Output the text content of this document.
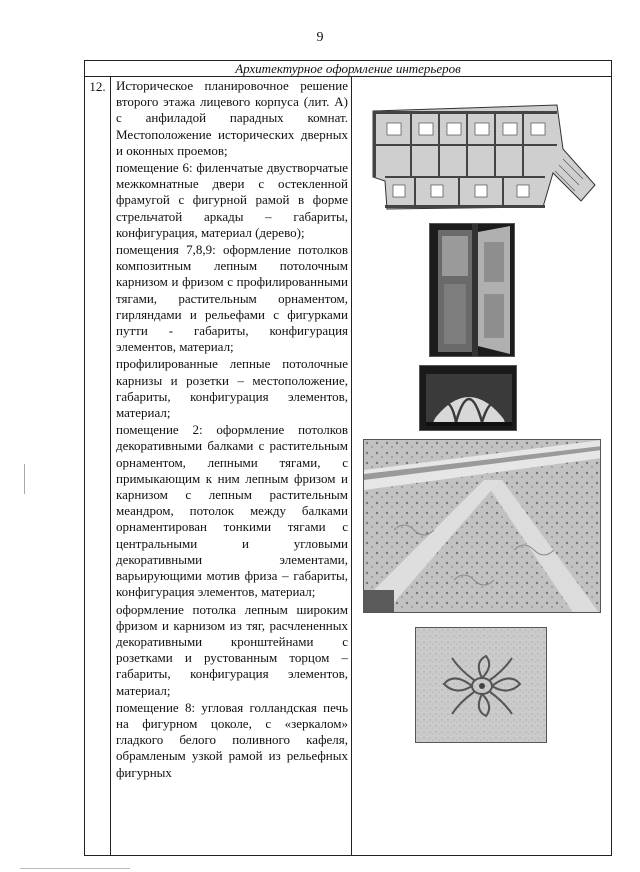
9
Архитектурное оформление интерьеров
12. Историческое планировочное решение второго этажа лицевого корпуса (лит. А) с анфиладой парадных комнат. Местоположение исторических дверных и оконных проемов;

помещение 6: филенчатые двустворчатые межкомнатные двери с остекленной фрамугой с фигурной рамой в форме стрельчатой аркады – габариты, конфигурация, материал (дерево);

помещения 7,8,9: оформление потолков композитным лепным потолочным карнизом и фризом с профилированными тягами, растительным орнаментом, гирляндами и рельефами с фигурками путти - габариты, конфигурация элементов, материал;

профилированные лепные потолочные карнизы и розетки – местоположение, габариты, конфигурация элементов, материал;

помещение 2: оформление потолков декоративными балками с растительным орнаментом, лепными тягами, с примыкающим к ним лепным фризом и карнизом с лепным растительным меандром, потолок между балками орнаментирован тонкими тягами с центральными и угловыми декоративными элементами, варьирующими мотив фриза – габариты, конфигурация элементов, материал;

оформление потолка лепным широким фризом и карнизом из тяг, расчлененных декоративными кронштейнами с розетками и рустованным торцом – габариты, конфигурация элементов, материал;

помещение 8: угловая голландская печь на фигурном цоколе, с «зеркалом» гладкого белого поливного кафеля, обрамленым узкой рамой из рельефных фигурных
